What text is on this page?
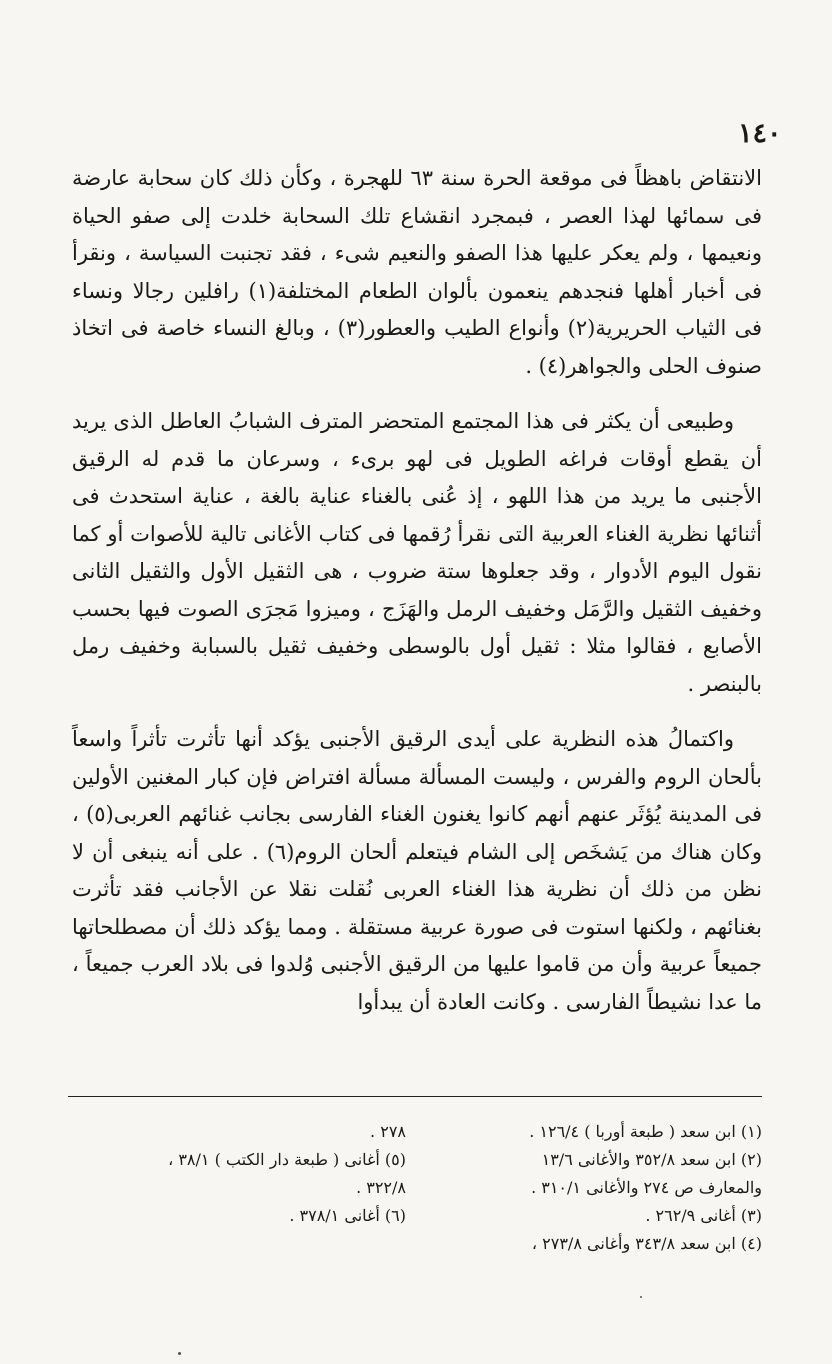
١٤٠

الانتقاض باهظاً فى موقعة الحرة سنة ٦٣ للهجرة ، وكأن ذلك كان سحابة عارضة فى سمائها لهذا العصر ، فبمجرد انقشاع تلك السحابة خلدت إلى صفو الحياة ونعيمها ، ولم يعكر عليها هذا الصفو والنعيم شىء ، فقد تجنبت السياسة ، ونقرأ فى أخبار أهلها فنجدهم ينعمون بألوان الطعام المختلفة(١) رافلين رجالا ونساء فى الثياب الحريرية(٢) وأنواع الطيب والعطور(٣) ، وبالغ النساء خاصة فى اتخاذ صنوف الحلى والجواهر(٤) .

وطبيعى أن يكثر فى هذا المجتمع المتحضر المترف الشبابُ العاطل الذى يريد أن يقطع أوقات فراغه الطويل فى لهو برىء ، وسرعان ما قدم له الرقيق الأجنبى ما يريد من هذا اللهو ، إذ عُنى بالغناء عناية بالغة ، عناية استحدث فى أثنائها نظرية الغناء العربية التى نقرأ رُقمها فى كتاب الأغانى تالية للأصوات أو كما نقول اليوم الأدوار ، وقد جعلوها ستة ضروب ، هى الثقيل الأول والثقيل الثانى وخفيف الثقيل والرَّمَل وخفيف الرمل والهَزَج ، وميزوا مَجرَى الصوت فيها بحسب الأصابع ، فقالوا مثلا : ثقيل أول بالوسطى وخفيف ثقيل بالسبابة وخفيف رمل بالبنصر .

واكتمالُ هذه النظرية على أيدى الرقيق الأجنبى يؤكد أنها تأثرت تأثراً واسعاً بألحان الروم والفرس ، وليست المسألة مسألة افتراض فإن كبار المغنين الأولين فى المدينة يُؤثَر عنهم أنهم كانوا يغنون الغناء الفارسى بجانب غنائهم العربى(٥) ، وكان هناك من يَشخَص إلى الشام فيتعلم ألحان الروم(٦) . على أنه ينبغى أن لا نظن من ذلك أن نظرية هذا الغناء العربى نُقلت نقلا عن الأجانب فقد تأثرت بغنائهم ، ولكنها استوت فى صورة عربية مستقلة . ومما يؤكد ذلك أن مصطلحاتها جميعاً عربية وأن من قاموا عليها من الرقيق الأجنبى وُلدوا فى بلاد العرب جميعاً ، ما عدا نشيطاً الفارسى . وكانت العادة أن يبدأوا

(١) ابن سعد ( طبعة أوربا ) ١٢٦/٤ .
(٢) ابن سعد ٣٥٢/٨ والأغانى ١٣/٦
والمعارف ص ٢٧٤ والأغانى ٣١٠/١ .
(٣) أغانى ٢٦٢/٩ .
(٤) ابن سعد ٣٤٣/٨ وأغانى ٢٧٣/٨ ،
٢٧٨ .
(٥) أغانى ( طبعة دار الكتب ) ٣٨/١ ،
٣٢٢/٨ .
(٦) أغانى ٣٧٨/١ .
